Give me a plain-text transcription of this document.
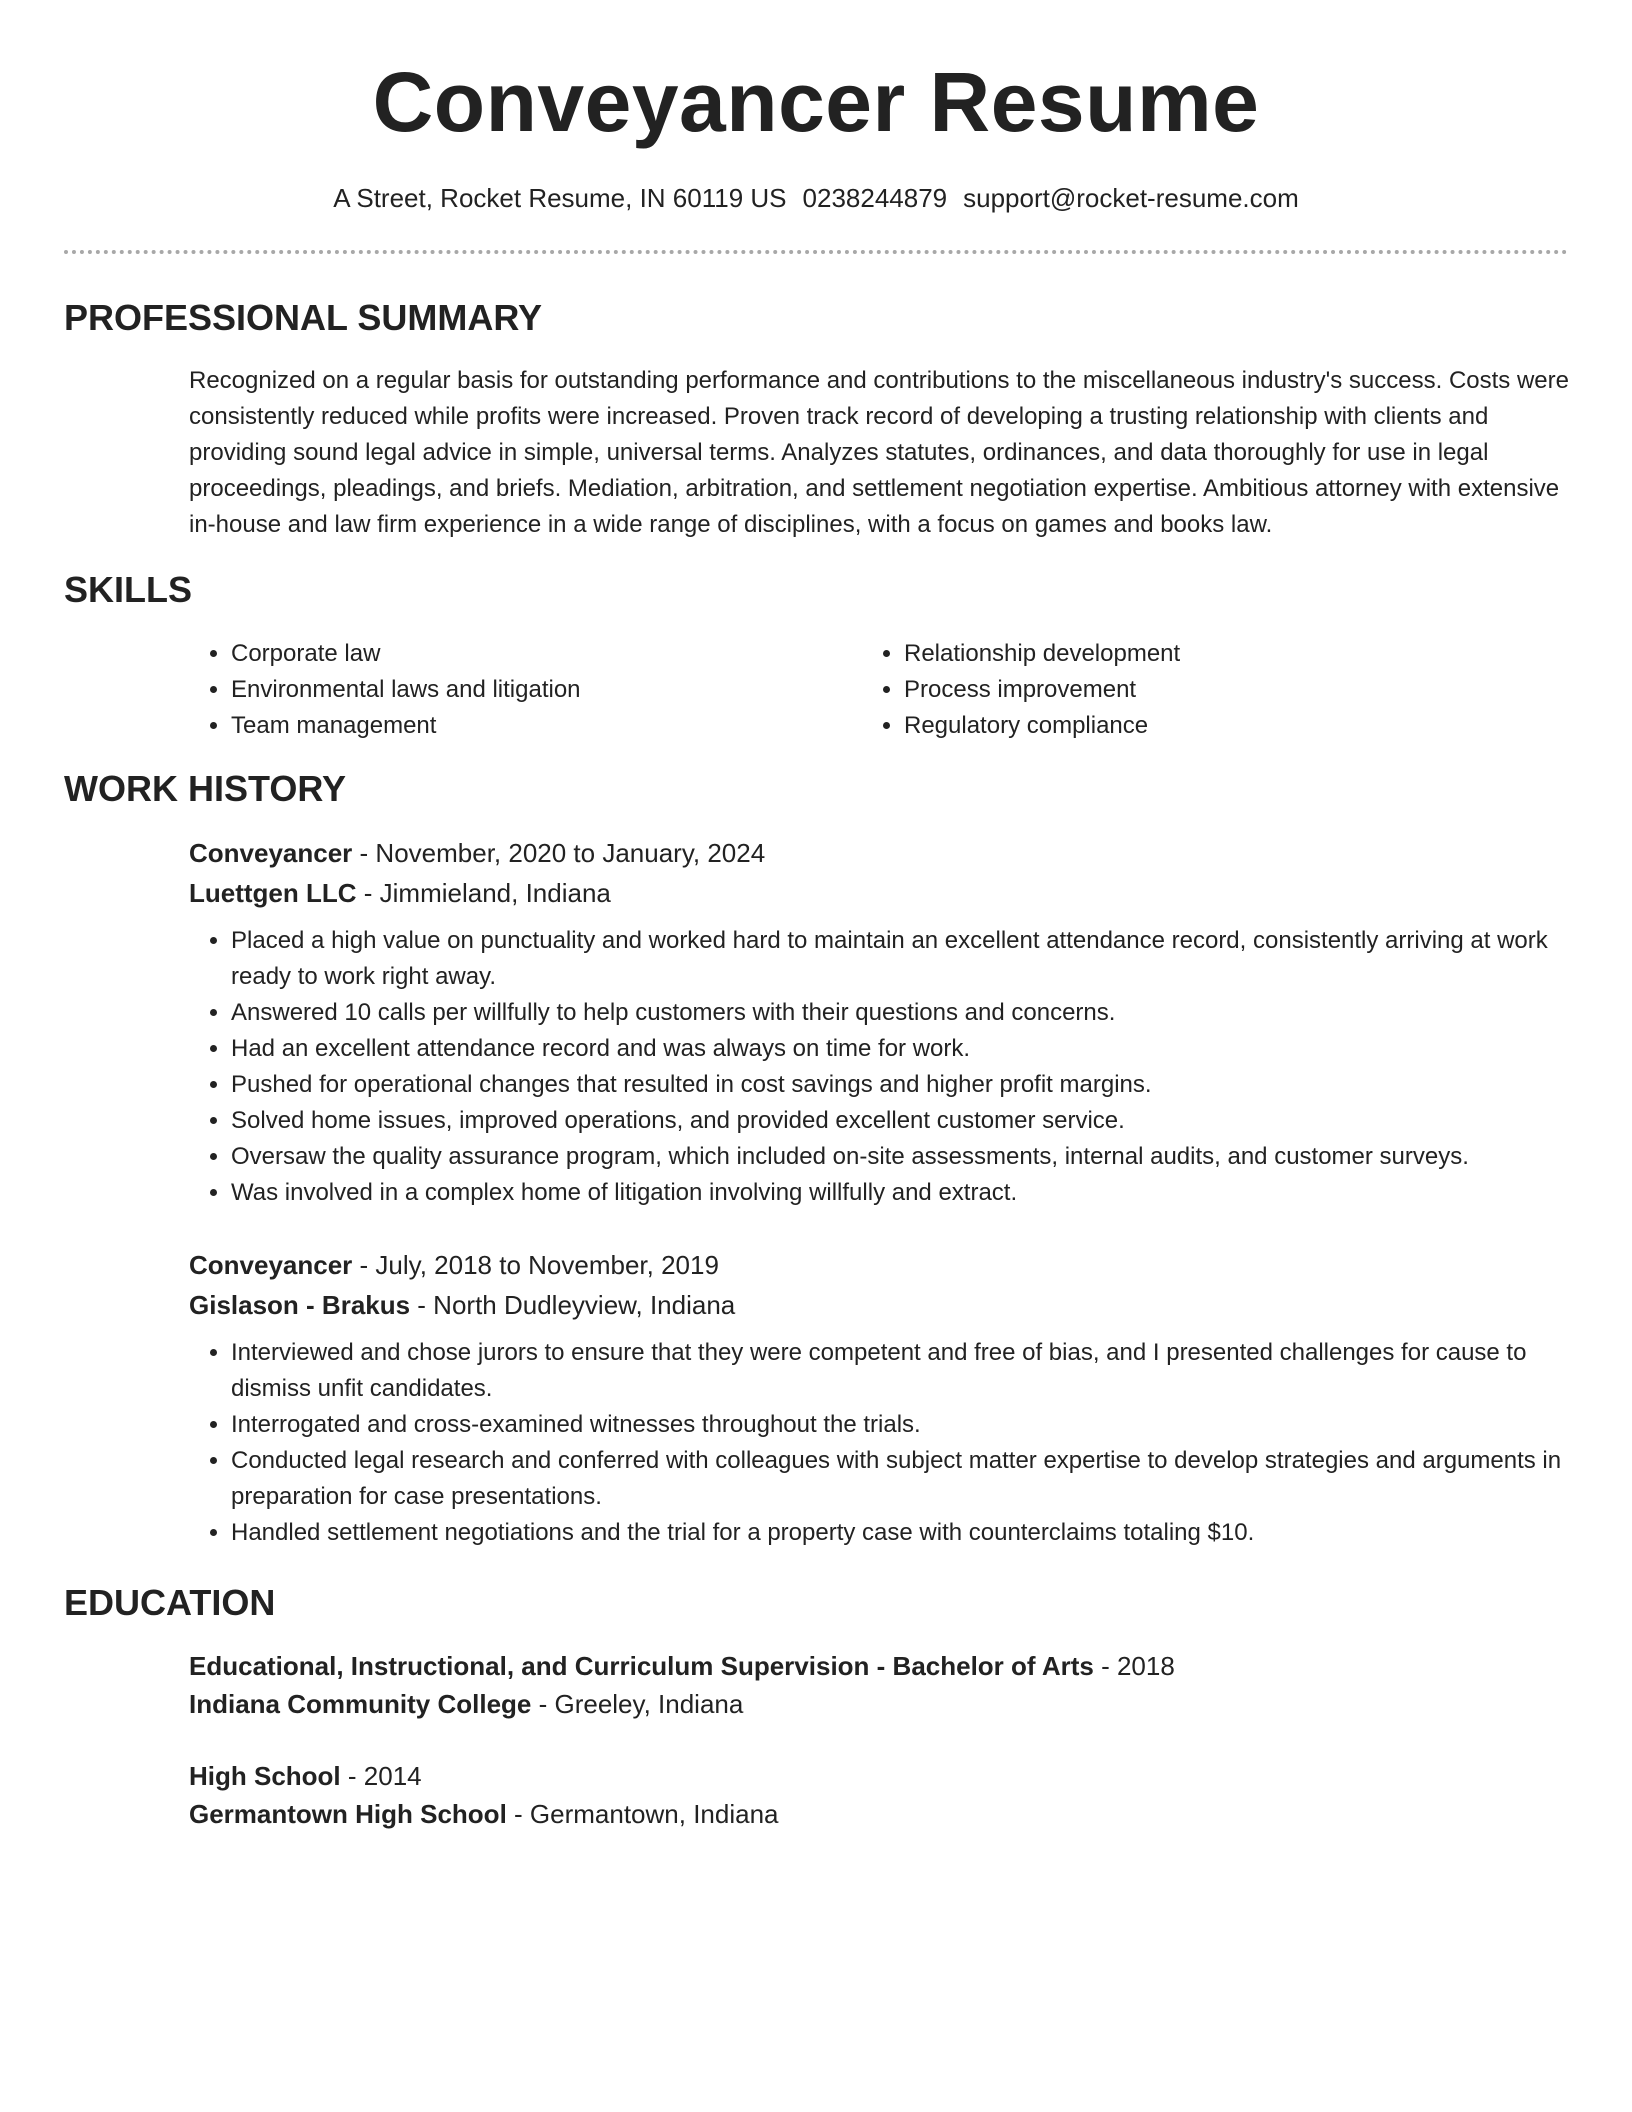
Conveyancer Resume
A Street, Rocket Resume, IN 60119 US 0238244879 support@rocket-resume.com
PROFESSIONAL SUMMARY
Recognized on a regular basis for outstanding performance and contributions to the miscellaneous industry's success. Costs were consistently reduced while profits were increased. Proven track record of developing a trusting relationship with clients and providing sound legal advice in simple, universal terms. Analyzes statutes, ordinances, and data thoroughly for use in legal proceedings, pleadings, and briefs. Mediation, arbitration, and settlement negotiation expertise. Ambitious attorney with extensive in-house and law firm experience in a wide range of disciplines, with a focus on games and books law.
SKILLS
• Corporate law
• Environmental laws and litigation
• Team management
• Relationship development
• Process improvement
• Regulatory compliance
WORK HISTORY
Conveyancer - November, 2020 to January, 2024
Luettgen LLC - Jimmieland, Indiana
• Placed a high value on punctuality and worked hard to maintain an excellent attendance record, consistently arriving at work ready to work right away.
• Answered 10 calls per willfully to help customers with their questions and concerns.
• Had an excellent attendance record and was always on time for work.
• Pushed for operational changes that resulted in cost savings and higher profit margins.
• Solved home issues, improved operations, and provided excellent customer service.
• Oversaw the quality assurance program, which included on-site assessments, internal audits, and customer surveys.
• Was involved in a complex home of litigation involving willfully and extract.
Conveyancer - July, 2018 to November, 2019
Gislason - Brakus - North Dudleyview, Indiana
• Interviewed and chose jurors to ensure that they were competent and free of bias, and I presented challenges for cause to dismiss unfit candidates.
• Interrogated and cross-examined witnesses throughout the trials.
• Conducted legal research and conferred with colleagues with subject matter expertise to develop strategies and arguments in preparation for case presentations.
• Handled settlement negotiations and the trial for a property case with counterclaims totaling $10.
EDUCATION
Educational, Instructional, and Curriculum Supervision - Bachelor of Arts - 2018
Indiana Community College - Greeley, Indiana
High School - 2014
Germantown High School - Germantown, Indiana
